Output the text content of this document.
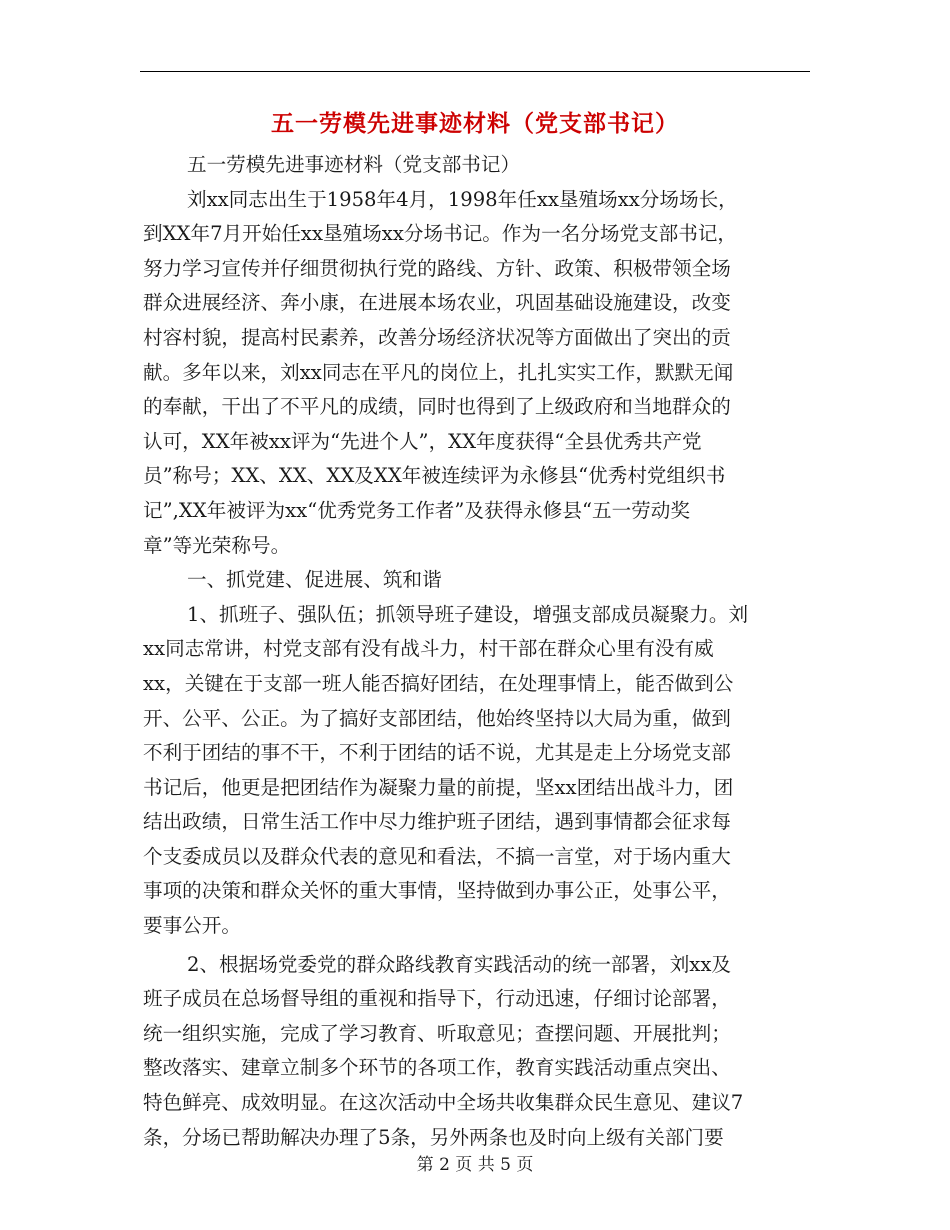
五一劳模先进事迹材料（党支部书记）
五一劳模先进事迹材料（党支部书记）
刘xx同志出生于1958年4月，1998年任xx垦殖场xx分场场长，
到XX年7月开始任xx垦殖场xx分场书记。作为一名分场党支部书记，
努力学习宣传并仔细贯彻执行党的路线、方针、政策、积极带领全场
群众进展经济、奔小康，在进展本场农业，巩固基础设施建设，改变
村容村貌，提高村民素养，改善分场经济状况等方面做出了突出的贡
献。多年以来，刘xx同志在平凡的岗位上，扎扎实实工作，默默无闻
的奉献，干出了不平凡的成绩，同时也得到了上级政府和当地群众的
认可，XX年被xx评为“先进个人”，XX年度获得“全县优秀共产党
员”称号；XX、XX、XX及XX年被连续评为永修县“优秀村党组织书
记”,XX年被评为xx“优秀党务工作者”及获得永修县“五一劳动奖
章”等光荣称号。
一、抓党建、促进展、筑和谐
1、抓班子、强队伍；抓领导班子建设，增强支部成员凝聚力。刘
xx同志常讲，村党支部有没有战斗力，村干部在群众心里有没有威
xx，关键在于支部一班人能否搞好团结，在处理事情上，能否做到公
开、公平、公正。为了搞好支部团结，他始终坚持以大局为重，做到
不利于团结的事不干，不利于团结的话不说，尤其是走上分场党支部
书记后，他更是把团结作为凝聚力量的前提，坚xx团结出战斗力，团
结出政绩，日常生活工作中尽力维护班子团结，遇到事情都会征求每
个支委成员以及群众代表的意见和看法，不搞一言堂，对于场内重大
事项的决策和群众关怀的重大事情，坚持做到办事公正，处事公平，
要事公开。
2、根据场党委党的群众路线教育实践活动的统一部署，刘xx及
班子成员在总场督导组的重视和指导下，行动迅速，仔细讨论部署，
统一组织实施，完成了学习教育、听取意见；查摆问题、开展批判；
整改落实、建章立制多个环节的各项工作，教育实践活动重点突出、
特色鲜亮、成效明显。在这次活动中全场共收集群众民生意见、建议7
条，分场已帮助解决办理了5条，另外两条也及时向上级有关部门要
第 2 页 共 5 页
